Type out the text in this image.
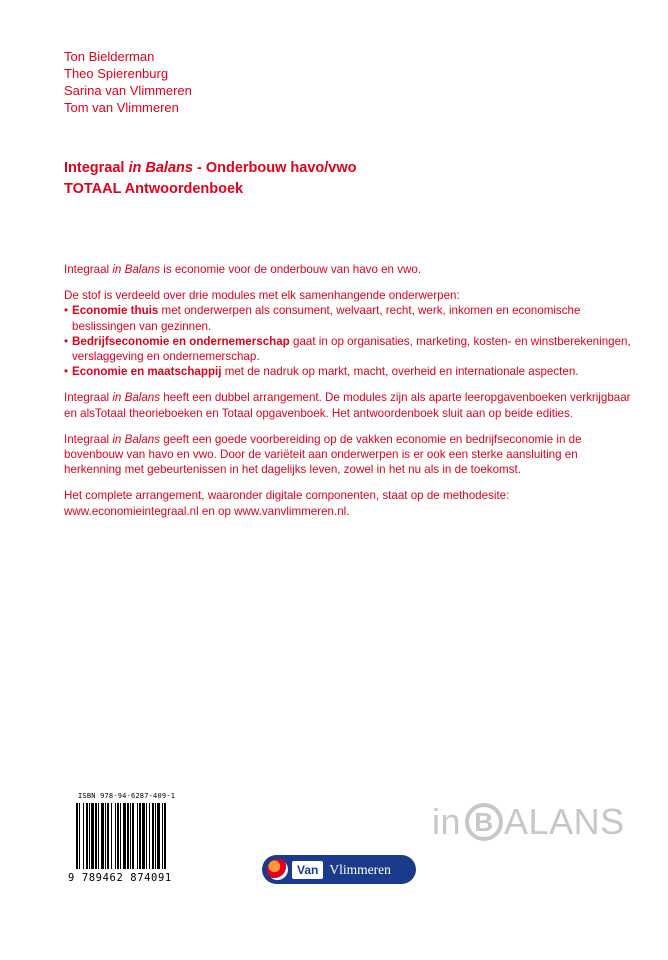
Ton Bielderman
Theo Spierenburg
Sarina van Vlimmeren
Tom van Vlimmeren
Integraal in Balans - Onderbouw havo/vwo
TOTAAL Antwoordenboek

Integraal in Balans is economie voor de onderbouw van havo en vwo.

De stof is verdeeld over drie modules met elk samenhangende onderwerpen:

• Economie thuis met onderwerpen als consument, welvaart, recht, werk, inkomen en economische beslissingen van gezinnen.
• Bedrijfseconomie en ondernemerschap gaat in op organisaties, marketing, kosten- en winstberekeningen, verslaggeving en ondernemerschap.
• Economie en maatschappij met de nadruk op markt, macht, overheid en internationale aspecten.

Integraal in Balans heeft een dubbel arrangement. De modules zijn als aparte leeropgavenboeken verkrijgbaar en alsTotaal theorieboeken en Totaal opgavenboek. Het antwoordenboek sluit aan op beide edities.

Integraal in Balans geeft een goede voorbereiding op de vakken economie en bedrijfseconomie in de bovenbouw van havo en vwo. Door de variëteit aan onderwerpen is er ook een sterke aansluiting en herkenning met gebeurtenissen in het dagelijks leven, zowel in het nu als in de toekomst.

Het complete arrangement, waaronder digitale componenten, staat op de methodesite: www.economieintegraal.nl en op www.vanvlimmeren.nl.

ISBN 978-94-6287-409-1
9 789462 874091
Van Vlimmeren
in B ALANS
